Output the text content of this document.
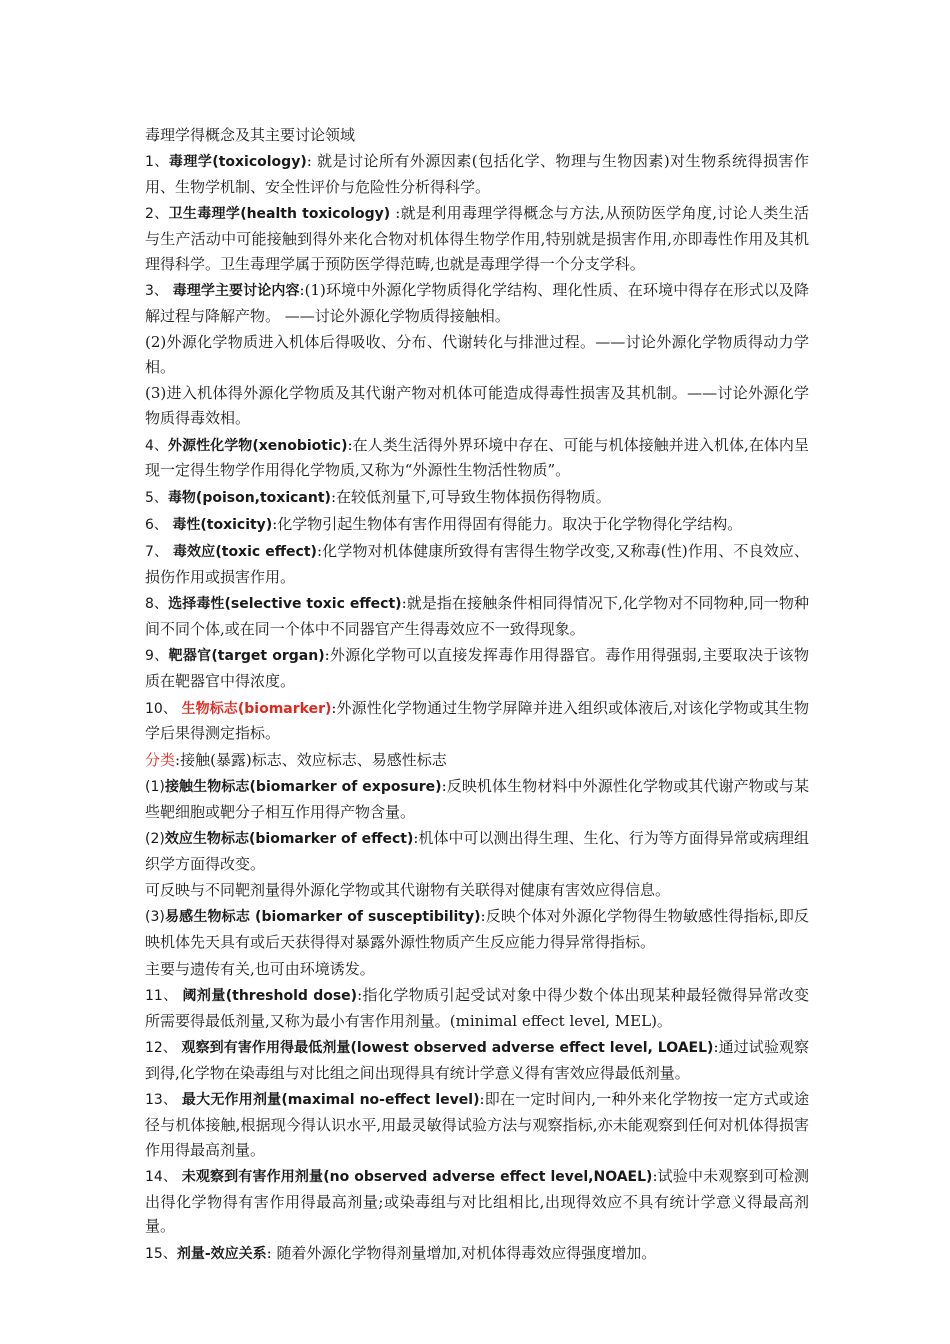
毒理学得概念及其主要讨论领域

1、毒理学(toxicology): 就是讨论所有外源因素(包括化学、物理与生物因素)对生物系统得损害作用、生物学机制、安全性评价与危险性分析得科学。

2、卫生毒理学(health toxicology) :就是利用毒理学得概念与方法,从预防医学角度,讨论人类生活与生产活动中可能接触到得外来化合物对机体得生物学作用,特别就是损害作用,亦即毒性作用及其机理得科学。卫生毒理学属于预防医学得范畴,也就是毒理学得一个分支学科。

3、 毒理学主要讨论内容:(1)环境中外源化学物质得化学结构、理化性质、在环境中得存在形式以及降解过程与降解产物。 ——讨论外源化学物质得接触相。

(2)外源化学物质进入机体后得吸收、分布、代谢转化与排泄过程。——讨论外源化学物质得动力学相。

(3)进入机体得外源化学物质及其代谢产物对机体可能造成得毒性损害及其机制。——讨论外源化学物质得毒效相。

4、外源性化学物(xenobiotic):在人类生活得外界环境中存在、可能与机体接触并进入机体,在体内呈现一定得生物学作用得化学物质,又称为“外源性生物活性物质”。

5、毒物(poison,toxicant):在较低剂量下,可导致生物体损伤得物质。

6、 毒性(toxicity):化学物引起生物体有害作用得固有得能力。取决于化学物得化学结构。

7、 毒效应(toxic effect):化学物对机体健康所致得有害得生物学改变,又称毒(性)作用、不良效应、损伤作用或损害作用。

8、选择毒性(selective toxic effect):就是指在接触条件相同得情况下,化学物对不同物种,同一物种间不同个体,或在同一个体中不同器官产生得毒效应不一致得现象。

9、靶器官(target organ):外源化学物可以直接发挥毒作用得器官。毒作用得强弱,主要取决于该物质在靶器官中得浓度。

10、 生物标志(biomarker):外源性化学物通过生物学屏障并进入组织或体液后,对该化学物或其生物学后果得测定指标。

分类:接触(暴露)标志、效应标志、易感性标志

(1)接触生物标志(biomarker of exposure):反映机体生物材料中外源性化学物或其代谢产物或与某些靶细胞或靶分子相互作用得产物含量。

(2)效应生物标志(biomarker of effect):机体中可以测出得生理、生化、行为等方面得异常或病理组织学方面得改变。

可反映与不同靶剂量得外源化学物或其代谢物有关联得对健康有害效应得信息。

(3)易感生物标志 (biomarker of susceptibility):反映个体对外源化学物得生物敏感性得指标,即反映机体先天具有或后天获得得对暴露外源性物质产生反应能力得异常得指标。

主要与遗传有关,也可由环境诱发。

11、 阈剂量(threshold dose):指化学物质引起受试对象中得少数个体出现某种最轻微得异常改变所需要得最低剂量,又称为最小有害作用剂量。(minimal effect level, MEL)。

12、 观察到有害作用得最低剂量(lowest observed adverse effect level, LOAEL):通过试验观察到得,化学物在染毒组与对比组之间出现得具有统计学意义得有害效应得最低剂量。

13、 最大无作用剂量(maximal no-effect level):即在一定时间内,一种外来化学物按一定方式或途径与机体接触,根据现今得认识水平,用最灵敏得试验方法与观察指标,亦未能观察到任何对机体得损害作用得最高剂量。

14、 未观察到有害作用剂量(no observed adverse effect level,NOAEL):试验中未观察到可检测出得化学物得有害作用得最高剂量;或染毒组与对比组相比,出现得效应不具有统计学意义得最高剂量。

15、剂量-效应关系: 随着外源化学物得剂量增加,对机体得毒效应得强度增加。
